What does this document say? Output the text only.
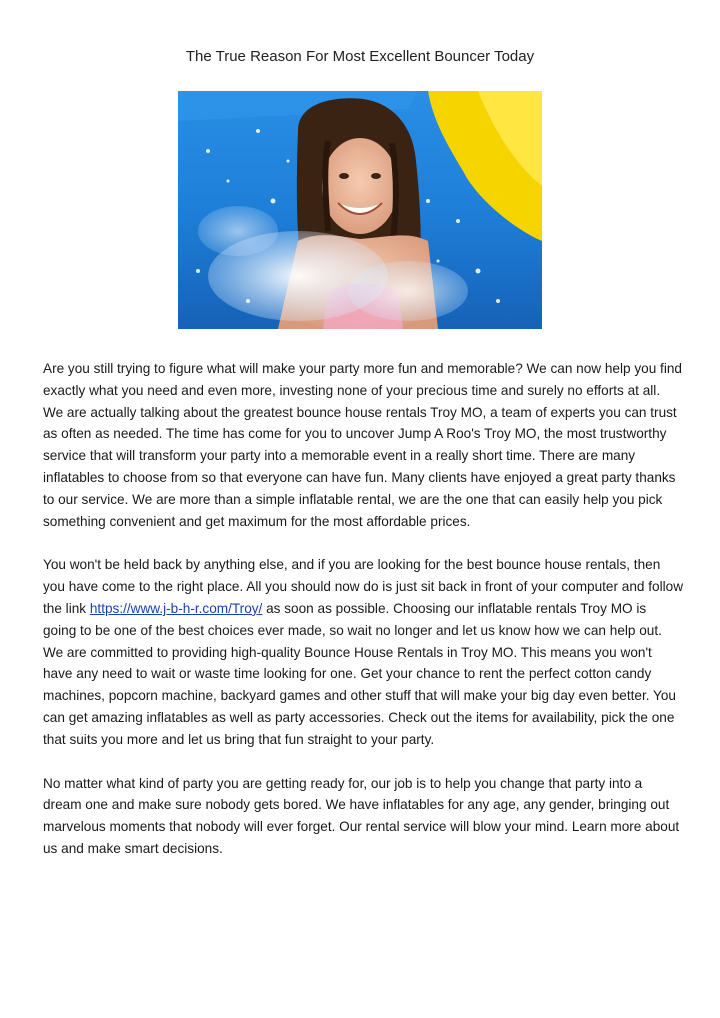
The True Reason For Most Excellent Bouncer Today

Are you still trying to figure what will make your party more fun and memorable? We can now help you find exactly what you need and even more, investing none of your precious time and surely no efforts at all. We are actually talking about the greatest bounce house rentals Troy MO, a team of experts you can trust as often as needed. The time has come for you to uncover Jump A Roo's Troy MO, the most trustworthy service that will transform your party into a memorable event in a really short time. There are many inflatables to choose from so that everyone can have fun. Many clients have enjoyed a great party thanks to our service. We are more than a simple inflatable rental, we are the one that can easily help you pick something convenient and get maximum for the most affordable prices.

You won't be held back by anything else, and if you are looking for the best bounce house rentals, then you have come to the right place. All you should now do is just sit back in front of your computer and follow the link https://www.j-b-h-r.com/Troy/ as soon as possible. Choosing our inflatable rentals Troy MO is going to be one of the best choices ever made, so wait no longer and let us know how we can help out. We are committed to providing high-quality Bounce House Rentals in Troy MO. This means you won't have any need to wait or waste time looking for one. Get your chance to rent the perfect cotton candy machines, popcorn machine, backyard games and other stuff that will make your big day even better. You can get amazing inflatables as well as party accessories. Check out the items for availability, pick the one that suits you more and let us bring that fun straight to your party.

No matter what kind of party you are getting ready for, our job is to help you change that party into a dream one and make sure nobody gets bored. We have inflatables for any age, any gender, bringing out marvelous moments that nobody will ever forget. Our rental service will blow your mind. Learn more about us and make smart decisions.
